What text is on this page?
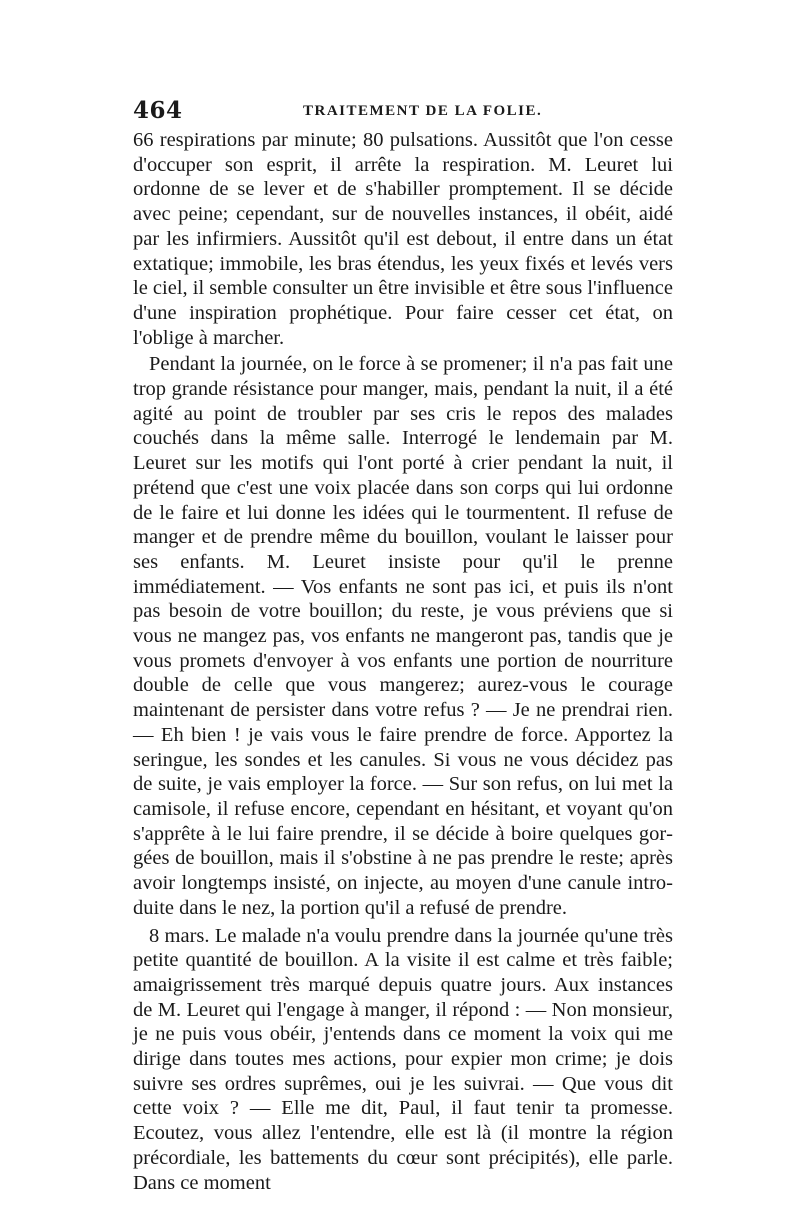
464	TRAITEMENT DE LA FOLIE.

66 respirations par minute; 80 pulsations. Aussitôt que l'on cesse d'occuper son esprit, il arrête la respiration. M. Leuret lui ordonne de se lever et de s'habiller promptement. Il se décide avec peine; cependant, sur de nouvelles instances, il obéit, aidé par les infirmiers. Aussitôt qu'il est debout, il entre dans un état extatique; immobile, les bras étendus, les yeux fixés et levés vers le ciel, il semble consulter un être invisible et être sous l'influence d'une inspiration prophétique. Pour faire cesser cet état, on l'oblige à marcher.

Pendant la journée, on le force à se promener; il n'a pas fait une trop grande résistance pour manger, mais, pendant la nuit, il a été agité au point de troubler par ses cris le repos des malades couchés dans la même salle. Interrogé le lendemain par M. Leuret sur les motifs qui l'ont porté à crier pendant la nuit, il prétend que c'est une voix placée dans son corps qui lui ordonne de le faire et lui donne les idées qui le tourmentent. Il refuse de manger et de prendre même du bouillon, voulant le laisser pour ses enfants. M. Leuret insiste pour qu'il le prenne immédiatement. — Vos enfants ne sont pas ici, et puis ils n'ont pas besoin de votre bouillon; du reste, je vous préviens que si vous ne mangez pas, vos enfants ne mangeront pas, tandis que je vous promets d'envoyer à vos enfants une portion de nourriture double de celle que vous mangerez; aurez-vous le courage maintenant de persister dans votre refus ? — Je ne prendrai rien. — Eh bien ! je vais vous le faire prendre de force. Apportez la seringue, les sondes et les canules. Si vous ne vous décidez pas de suite, je vais employer la force. — Sur son refus, on lui met la camisole, il refuse encore, cependant en hésitant, et voyant qu'on s'apprête à le lui faire prendre, il se décide à boire quelques gorgées de bouillon, mais il s'obstine à ne pas prendre le reste; après avoir longtemps insisté, on injecte, au moyen d'une canule introduite dans le nez, la portion qu'il a refusé de prendre.

8 mars. Le malade n'a voulu prendre dans la journée qu'une très petite quantité de bouillon. A la visite il est calme et très faible; amaigrissement très marqué depuis quatre jours. Aux instances de M. Leuret qui l'engage à manger, il répond : — Non monsieur, je ne puis vous obéir, j'entends dans ce moment la voix qui me dirige dans toutes mes actions, pour expier mon crime; je dois suivre ses ordres suprêmes, oui je les suivrai. — Que vous dit cette voix ? — Elle me dit, Paul, il faut tenir ta promesse. Ecoutez, vous allez l'entendre, elle est là (il montre la région précordiale, les battements du cœur sont précipités), elle parle. Dans ce moment
